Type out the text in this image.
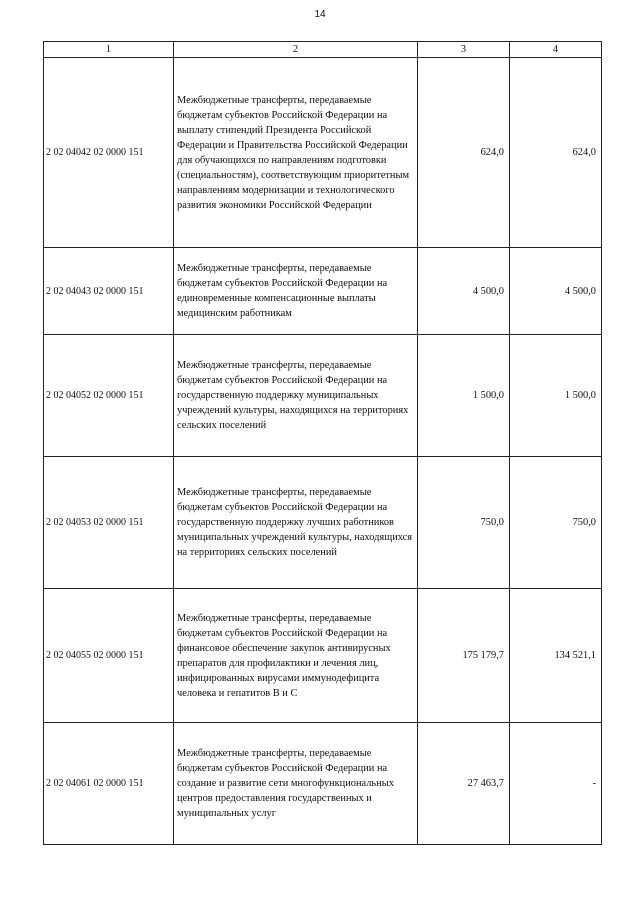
14
1	2	3	4
2 02 04042 02 0000 151	Межбюджетные трансферты, передаваемые бюджетам субъектов Российской Федерации на выплату стипендий Президента Российской Федерации и Правительства Российской Федерации для обучающихся по направлениям подготовки (специальностям), соответствующим приоритетным направлениям модернизации и технологического развития экономики Российской Федерации	624,0	624,0
2 02 04043 02 0000 151	Межбюджетные трансферты, передаваемые бюджетам субъектов Российской Федерации на единовременные компенсационные выплаты медицинским работникам	4 500,0	4 500,0
2 02 04052 02 0000 151	Межбюджетные трансферты, передаваемые бюджетам субъектов Российской Федерации на государственную поддержку муниципальных учреждений культуры, находящихся на территориях сельских поселений	1 500,0	1 500,0
2 02 04053 02 0000 151	Межбюджетные трансферты, передаваемые бюджетам субъектов Российской Федерации на государственную поддержку лучших работников муниципальных учреждений культуры, находящихся на территориях сельских поселений	750,0	750,0
2 02 04055 02 0000 151	Межбюджетные трансферты, передаваемые бюджетам субъектов Российской Федерации на финансовое обеспечение закупок антивирусных препаратов для профилактики и лечения лиц, инфицированных вирусами иммунодефицита человека и гепатитов В и С	175 179,7	134 521,1
2 02 04061 02 0000 151	Межбюджетные трансферты, передаваемые бюджетам субъектов Российской Федерации на создание и развитие сети многофункциональных центров предоставления государственных и муниципальных услуг	27 463,7	-
